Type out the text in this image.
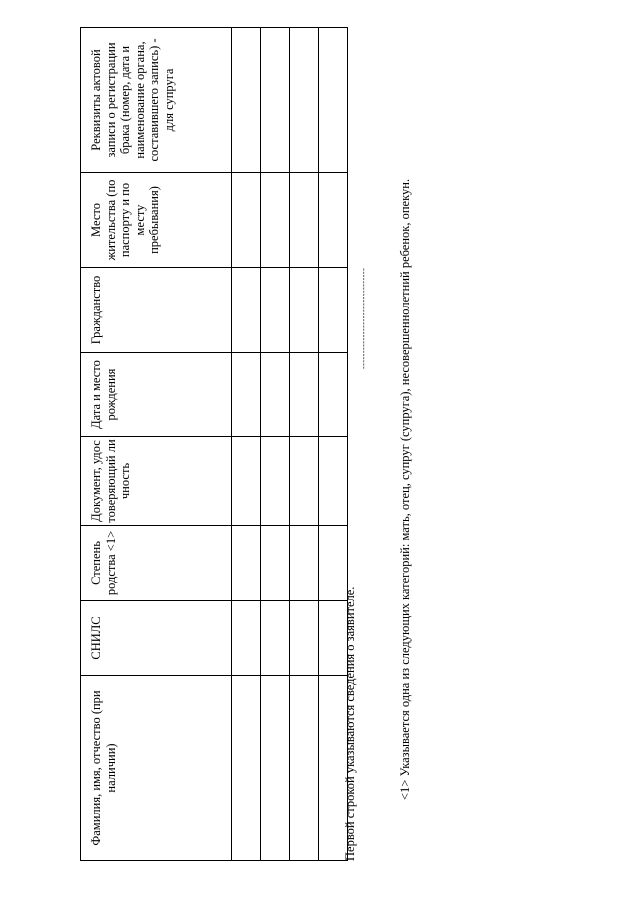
Фамилия, имя, отчество (при наличии)	СНИЛС	Степень родства <1>	Документ, удостоверяющий личность	Дата и место рождения	Гражданство	Место жительства (по паспорту и по месту пребывания)	Реквизиты актовой записи о регистрации брака (номер, дата и наименование органа, составившего запись) - для супруга

Первой строкой указываются сведения о заявителе.
-------------------------------- <1> Указывается одна из следующих категорий: мать, отец, супруг (супруга), несовершеннолетний ребенок, опекун.
